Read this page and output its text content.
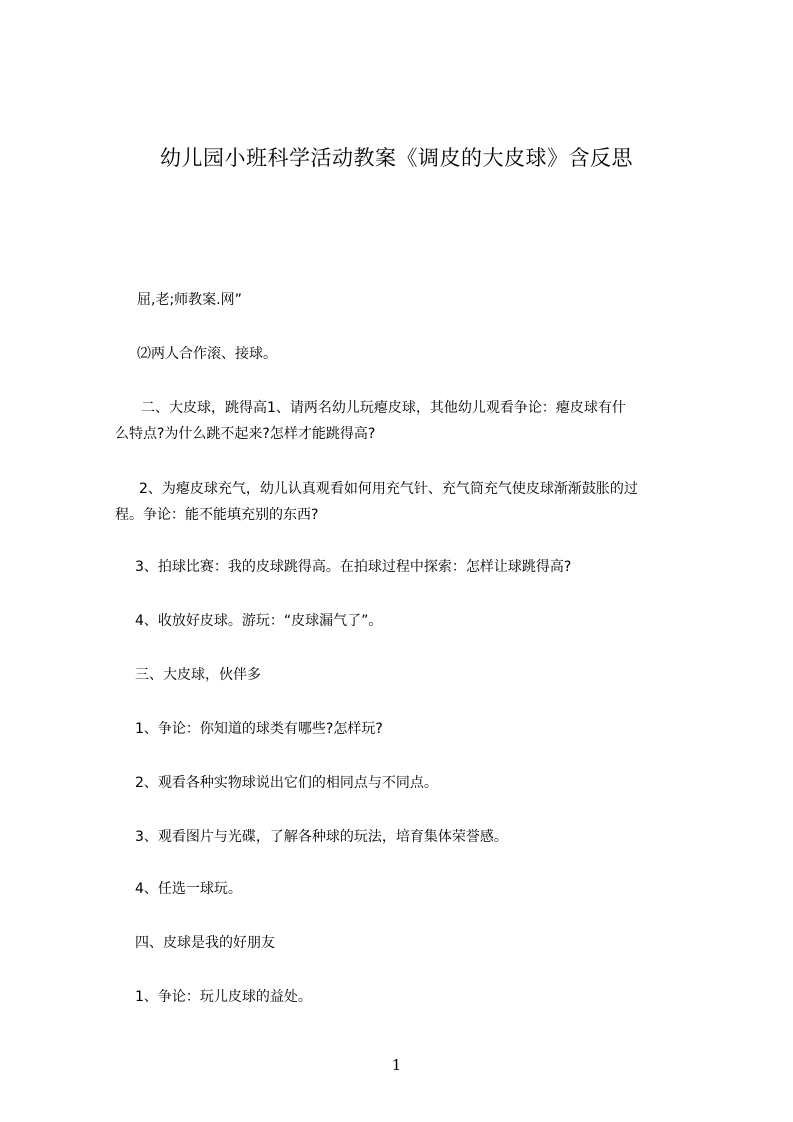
幼儿园小班科学活动教案《调皮的大皮球》含反思
屈,老;师教案.网”
⑵两人合作滚、接球。
二、大皮球，跳得高1、请两名幼儿玩瘪皮球，其他幼儿观看争论：瘪皮球有什
么特点?为什么跳不起来?怎样才能跳得高?
2、为瘪皮球充气，幼儿认真观看如何用充气针、充气筒充气使皮球渐渐鼓胀的过
程。争论：能不能填充别的东西?
3、拍球比赛：我的皮球跳得高。在拍球过程中探索：怎样让球跳得高?
4、收放好皮球。游玩：“皮球漏气了”。
三、大皮球，伙伴多
1、争论：你知道的球类有哪些?怎样玩?
2、观看各种实物球说出它们的相同点与不同点。
3、观看图片与光碟，了解各种球的玩法，培育集体荣誉感。
4、任选一球玩。
四、皮球是我的好朋友
1、争论：玩儿皮球的益处。
1
